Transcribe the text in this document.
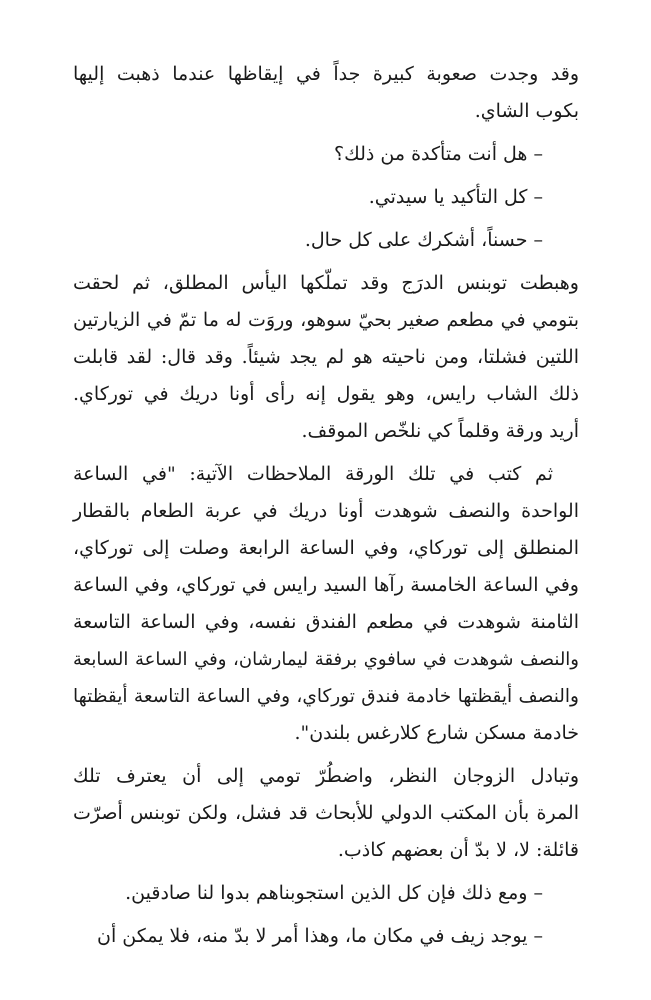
وقد وجدت صعوبة كبيرة جداً في إيقاظها عندما ذهبت إليها
بكوب الشاي.

– هل أنت متأكدة من ذلك؟
– كل التأكيد يا سيدتي.
– حسناً، أشكرك على كل حال.

وهبطت توبنس الدرَج وقد تملّكها اليأس المطلق، ثم لحقت
بتومي في مطعم صغير بحيّ سوهو، وروَت له ما تمّ في الزيارتين
اللتين فشلتا، ومن ناحيته هو لم يجد شيئاً. وقد قال: لقد قابلت
ذلك الشاب رايس، وهو يقول إنه رأى أونا دريك في توركاي.
أريد ورقة وقلماً كي نلخّص الموقف.

ثم كتب في تلك الورقة الملاحظات الآتية: "في الساعة
الواحدة والنصف شوهدت أونا دريك في عربة الطعام بالقطار
المنطلق إلى توركاي، وفي الساعة الرابعة وصلت إلى توركاي،
وفي الساعة الخامسة رآها السيد رايس في توركاي، وفي الساعة
الثامنة شوهدت في مطعم الفندق نفسه، وفي الساعة التاسعة
والنصف شوهدت في سافوي برفقة ليمارشان، وفي الساعة السابعة
والنصف أيقظتها خادمة فندق توركاي، وفي الساعة التاسعة أيقظتها
خادمة مسكن شارع كلارغس بلندن".

وتبادل الزوجان النظر، واضطُرّ تومي إلى أن يعترف تلك
المرة بأن المكتب الدولي للأبحاث قد فشل، ولكن توبنس أصرّت
قائلة: لا، لا بدّ أن بعضهم كاذب.

– ومع ذلك فإن كل الذين استجوبناهم بدوا لنا صادقين.
– يوجد زيف في مكان ما، وهذا أمر لا بدّ منه، فلا يمكن أن
